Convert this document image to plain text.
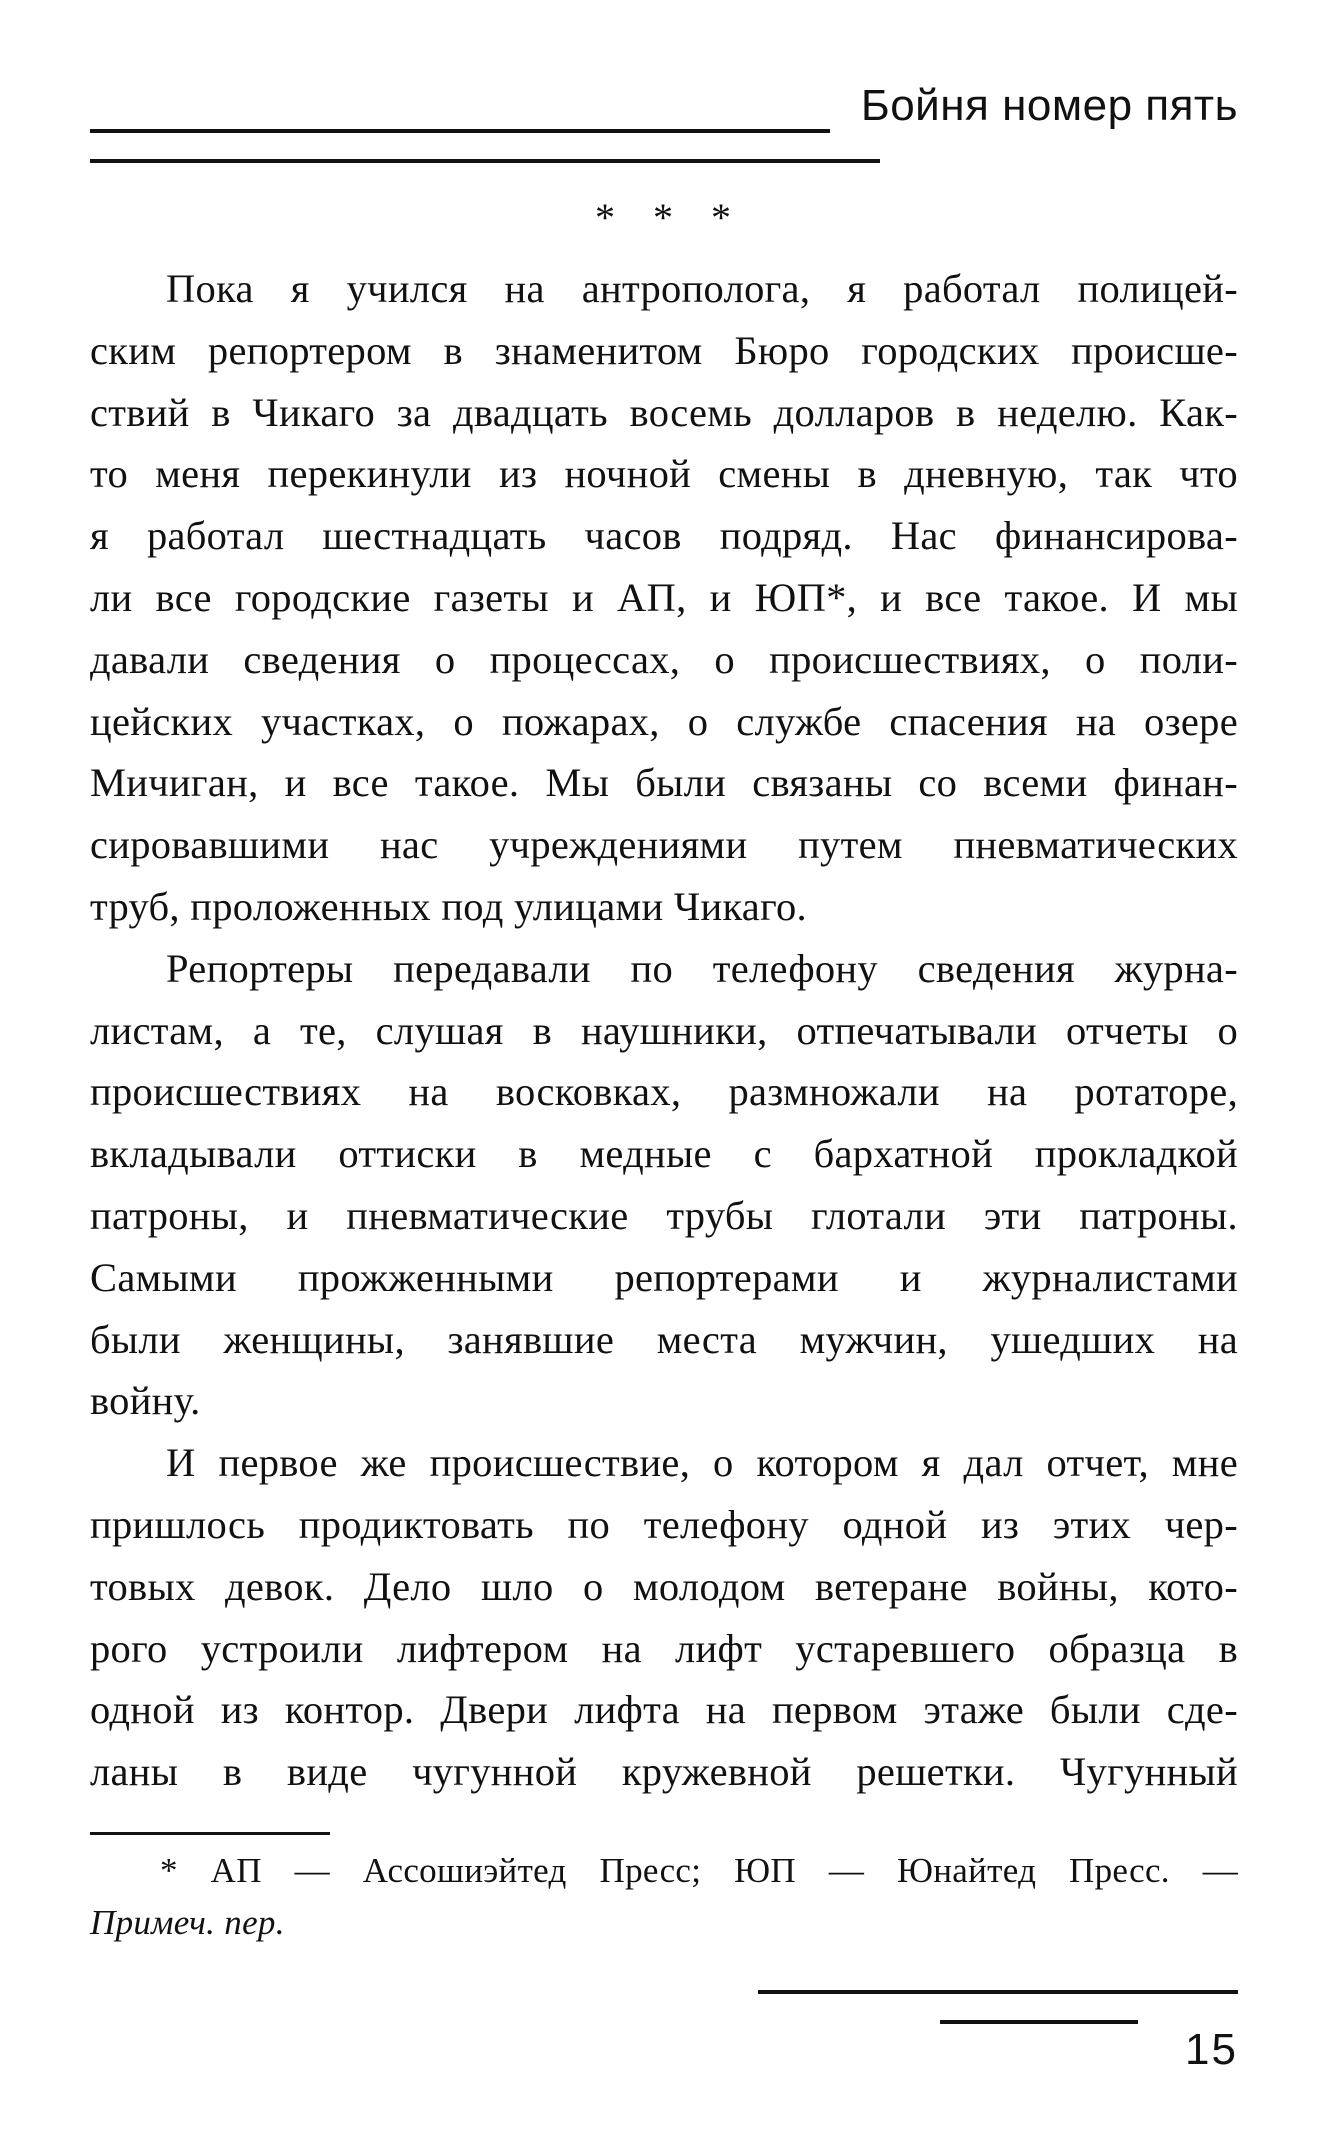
Бойня номер пять
* * *
Пока я учился на антрополога, я работал полицей-
ским репортером в знаменитом Бюро городских происше-
ствий в Чикаго за двадцать восемь долларов в неделю. Как-
то меня перекинули из ночной смены в дневную, так что
я работал шестнадцать часов подряд. Нас финансирова-
ли все городские газеты и АП, и ЮП*, и все такое. И мы
давали сведения о процессах, о происшествиях, о поли-
цейских участках, о пожарах, о службе спасения на озере
Мичиган, и все такое. Мы были связаны со всеми финан-
сировавшими нас учреждениями путем пневматических
труб, проложенных под улицами Чикаго.
Репортеры передавали по телефону сведения журна-
листам, а те, слушая в наушники, отпечатывали отчеты о
происшествиях на восковках, размножали на ротаторе,
вкладывали оттиски в медные с бархатной прокладкой
патроны, и пневматические трубы глотали эти патроны.
Самыми прожженными репортерами и журналистами
были женщины, занявшие места мужчин, ушедших на
войну.
И первое же происшествие, о котором я дал отчет, мне
пришлось продиктовать по телефону одной из этих чер-
товых девок. Дело шло о молодом ветеране войны, кото-
рого устроили лифтером на лифт устаревшего образца в
одной из контор. Двери лифта на первом этаже были сде-
ланы в виде чугунной кружевной решетки. Чугунный
* АП — Ассошиэйтед Пресс; ЮП — Юнайтед Пресс. —
Примеч. пер.
15
